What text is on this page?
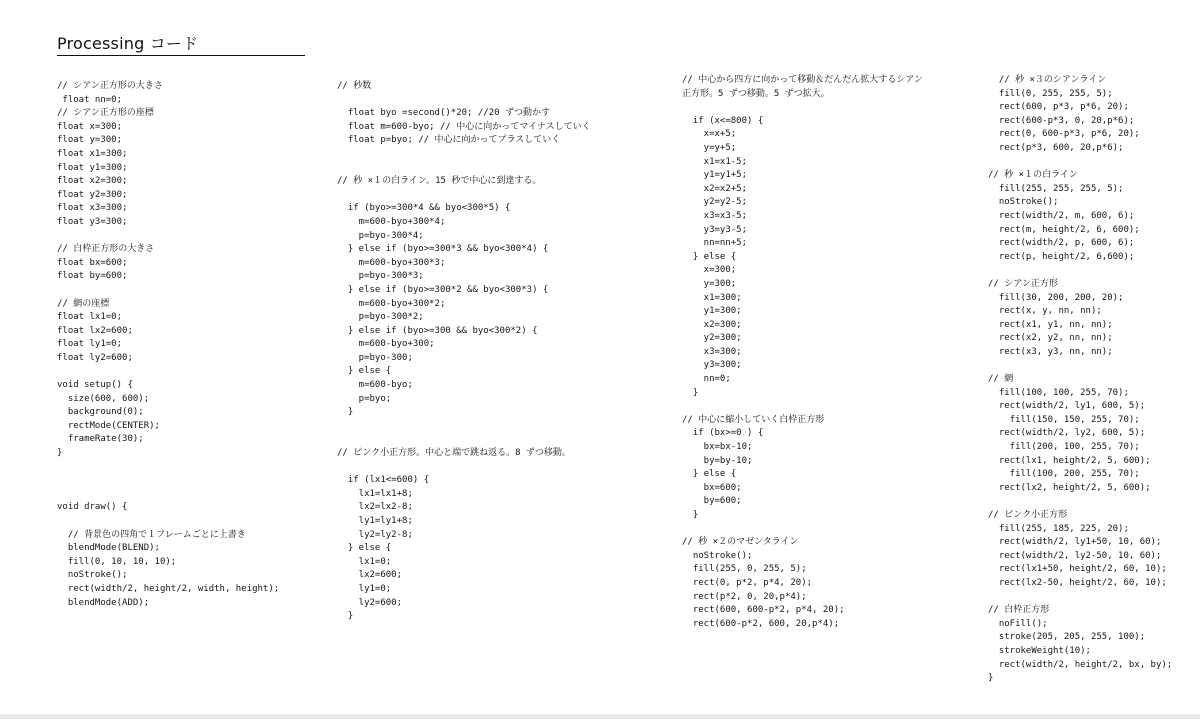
Processing コード
// シアン正方形の大きさ
float nn=0;
// シアン正方形の座標
float x=300;
float y=300;
float x1=300;
float y1=300;
float x2=300;
float y2=300;
float x3=300;
float y3=300;
// 白枠正方形の大きさ
float bx=600;
float by=600;
// 網の座標
float lx1=0;
float lx2=600;
float ly1=0;
float ly2=600;
void setup() {
size(600, 600);
background(0);
rectMode(CENTER);
frameRate(30);
}
void draw() {
// 背景色の四角で１フレームごとに上書き
blendMode(BLEND);
fill(0, 10, 10, 10);
noStroke();
rect(width/2, height/2, width, height);
blendMode(ADD);
// 秒数
float byo =second()*20; //20 ずつ動かす
float m=600-byo; // 中心に向かってマイナスしていく
float p=byo; // 中心に向かってプラスしていく
// 秒 ×１の白ライン。15 秒で中心に到達する。
if (byo>=300*4 && byo<300*5) {
m=600-byo+300*4;
p=byo-300*4;
} else if (byo>=300*3 && byo<300*4) {
m=600-byo+300*3;
p=byo-300*3;
} else if (byo>=300*2 && byo<300*3) {
m=600-byo+300*2;
p=byo-300*2;
} else if (byo>=300 && byo<300*2) {
m=600-byo+300;
p=byo-300;
} else {
m=600-byo;
p=byo;
}
// ピンク小正方形。中心と端で跳ね返る。8 ずつ移動。
if (lx1<=600) {
lx1=lx1+8;
lx2=lx2-8;
ly1=ly1+8;
ly2=ly2-8;
} else {
lx1=0;
lx2=600;
ly1=0;
ly2=600;
}
// 中心から四方に向かって移動＆だんだん拡大するシアン
正方形。5 ずつ移動。5 ずつ拡大。
if (x<=800) {
x=x+5;
y=y+5;
x1=x1-5;
y1=y1+5;
x2=x2+5;
y2=y2-5;
x3=x3-5;
y3=y3-5;
nn=nn+5;
} else {
x=300;
y=300;
x1=300;
y1=300;
x2=300;
y2=300;
x3=300;
y3=300;
nn=0;
}
// 中心に縮小していく白枠正方形
if (bx>=0 ) {
bx=bx-10;
by=by-10;
} else {
bx=600;
by=600;
}
// 秒 ×２のマゼンタライン
noStroke();
fill(255, 0, 255, 5);
rect(0, p*2, p*4, 20);
rect(p*2, 0, 20,p*4);
rect(600, 600-p*2, p*4, 20);
rect(600-p*2, 600, 20,p*4);
// 秒 ×３のシアンライン
fill(0, 255, 255, 5);
rect(600, p*3, p*6, 20);
rect(600-p*3, 0, 20,p*6);
rect(0, 600-p*3, p*6, 20);
rect(p*3, 600, 20,p*6);
// 秒 ×１の白ライン
fill(255, 255, 255, 5);
noStroke();
rect(width/2, m, 600, 6);
rect(m, height/2, 6, 600);
rect(width/2, p, 600, 6);
rect(p, height/2, 6,600);
// シアン正方形
fill(30, 200, 200, 20);
rect(x, y, nn, nn);
rect(x1, y1, nn, nn);
rect(x2, y2, nn, nn);
rect(x3, y3, nn, nn);
// 網
fill(100, 100, 255, 70);
rect(width/2, ly1, 600, 5);
fill(150, 150, 255, 70);
rect(width/2, ly2, 600, 5);
fill(200, 100, 255, 70);
rect(lx1, height/2, 5, 600);
fill(100, 200, 255, 70);
rect(lx2, height/2, 5, 600);
// ピンク小正方形
fill(255, 185, 225, 20);
rect(width/2, ly1+50, 10, 60);
rect(width/2, ly2-50, 10, 60);
rect(lx1+50, height/2, 60, 10);
rect(lx2-50, height/2, 60, 10);
// 白枠正方形
noFill();
stroke(205, 205, 255, 100);
strokeWeight(10);
rect(width/2, height/2, bx, by);
}
